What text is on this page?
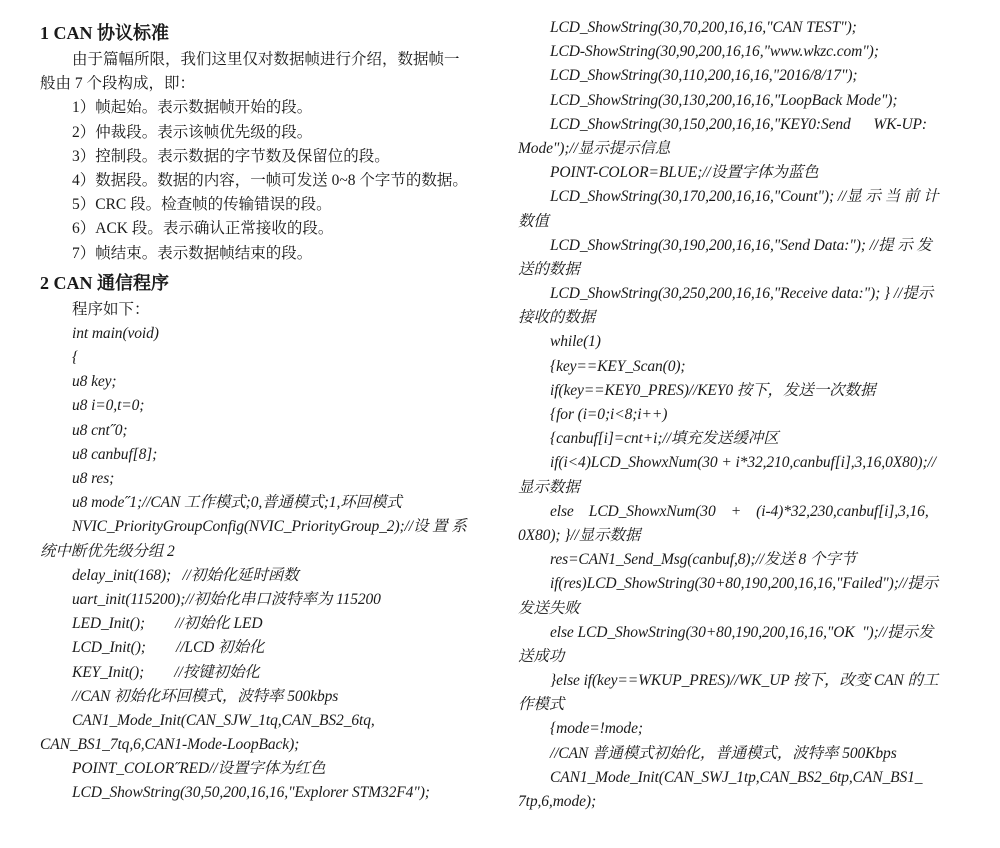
1 CAN 协议标准
由于篇幅所限，我们这里仅对数据帧进行介绍，数据帧一
般由 7 个段构成，即：
1）帧起始。表示数据帧开始的段。
2）仲裁段。表示该帧优先级的段。
3）控制段。表示数据的字节数及保留位的段。
4）数据段。数据的内容，一帧可发送 0~8 个字节的数据。
5）CRC 段。检查帧的传输错误的段。
6）ACK 段。表示确认正常接收的段。
7）帧结束。表示数据帧结束的段。
2 CAN 通信程序
程序如下：
int main(void)
{
u8 key;
u8 i=0,t=0;
u8 cnt˝0;
u8 canbuf[8];
u8 res;
u8 mode˝1;//CAN 工作模式;0,普通模式;1,环回模式
NVIC_PriorityGroupConfig(NVIC_PriorityGroup_2);//设 置 系
统中断优先级分组 2
delay_init(168);   //初始化延时函数
uart_init(115200);//初始化串口波特率为 115200
LED_Init();        //初始化 LED
LCD_Init();        //LCD 初始化
KEY_Init();        //按键初始化
//CAN 初始化环回模式，波特率 500kbps
CAN1_Mode_Init(CAN_SJW_1tq,CAN_BS2_6tq,
CAN_BS1_7tq,6,CAN1-Mode-LoopBack);
POINT_COLOR˝RED//设置字体为红色
LCD_ShowString(30,50,200,16,16,"Explorer STM32F4");
LCD_ShowString(30,70,200,16,16,"CAN TEST");
LCD-ShowString(30,90,200,16,16,"www.wkzc.com");
LCD_ShowString(30,110,200,16,16,"2016/8/17");
LCD_ShowString(30,130,200,16,16,"LoopBack Mode");
LCD_ShowString(30,150,200,16,16,"KEY0:Send      WK-UP:
Mode");//显示提示信息
POINT-COLOR=BLUE;//设置字体为蓝色
LCD_ShowString(30,170,200,16,16,"Count"); //显 示 当 前 计
数值
LCD_ShowString(30,190,200,16,16,"Send Data:"); //提 示 发
送的数据
LCD_ShowString(30,250,200,16,16,"Receive data:"); } //提示
接收的数据
while(1)
{key==KEY_Scan(0);
if(key==KEY0_PRES)//KEY0 按下，发送一次数据
{for (i=0;i<8;i++)
{canbuf[i]=cnt+i;//填充发送缓冲区
if(i<4)LCD_ShowxNum(30 + i*32,210,canbuf[i],3,16,0X80);//
显示数据
else    LCD_ShowxNum(30    +    (i-4)*32,230,canbuf[i],3,16,
0X80); }//显示数据
res=CAN1_Send_Msg(canbuf,8);//发送 8 个字节
if(res)LCD_ShowString(30+80,190,200,16,16,"Failed");//提示
发送失败
else LCD_ShowString(30+80,190,200,16,16,"OK  ");//提示发
送成功
}else if(key==WKUP_PRES)//WK_UP 按下，改变 CAN 的工
作模式
{mode=!mode;
//CAN 普通模式初始化，普通模式，波特率 500Kbps
CAN1_Mode_Init(CAN_SWJ_1tp,CAN_BS2_6tp,CAN_BS1_
7tp,6,mode);
